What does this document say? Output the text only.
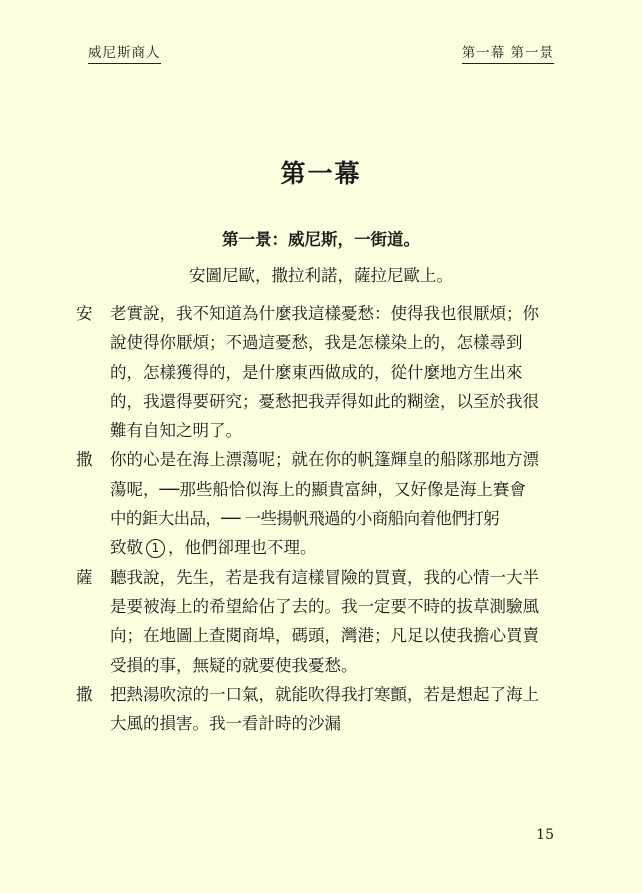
威尼斯商人	第一幕 第一景
第一幕
第一景：威尼斯，一街道。
安圖尼歐，撒拉利諾，薩拉尼歐上。
安	老實說，我不知道為什麼我這樣憂愁：使得我也很厭煩；你
說使得你厭煩；不過這憂愁，我是怎樣染上的，怎樣尋到
的，怎樣獲得的，是什麼東西做成的，從什麼地方生出來
的，我還得要研究；憂愁把我弄得如此的糊塗，以至於我很
難有自知之明了。
撒	你的心是在海上漂蕩呢；就在你的帆篷輝皇的船隊那地方漂
蕩呢，──那些船恰似海上的顯貴富紳，又好像是海上賽會
中的鉅大出品，── 一些揚帆飛過的小商船向着他們打躬
致敬 1 ，他們卻理也不理。
薩	聽我說，先生，若是我有這樣冒險的買賣，我的心情一大半
是要被海上的希望給佔了去的。我一定要不時的拔草測驗風
向；在地圖上查閱商埠，碼頭，灣港；凡足以使我擔心買賣
受損的事，無疑的就要使我憂愁。
撒	把熱湯吹涼的一口氣，就能吹得我打寒顫，若是想起了海上
大風的損害。我一看計時的沙漏
15
